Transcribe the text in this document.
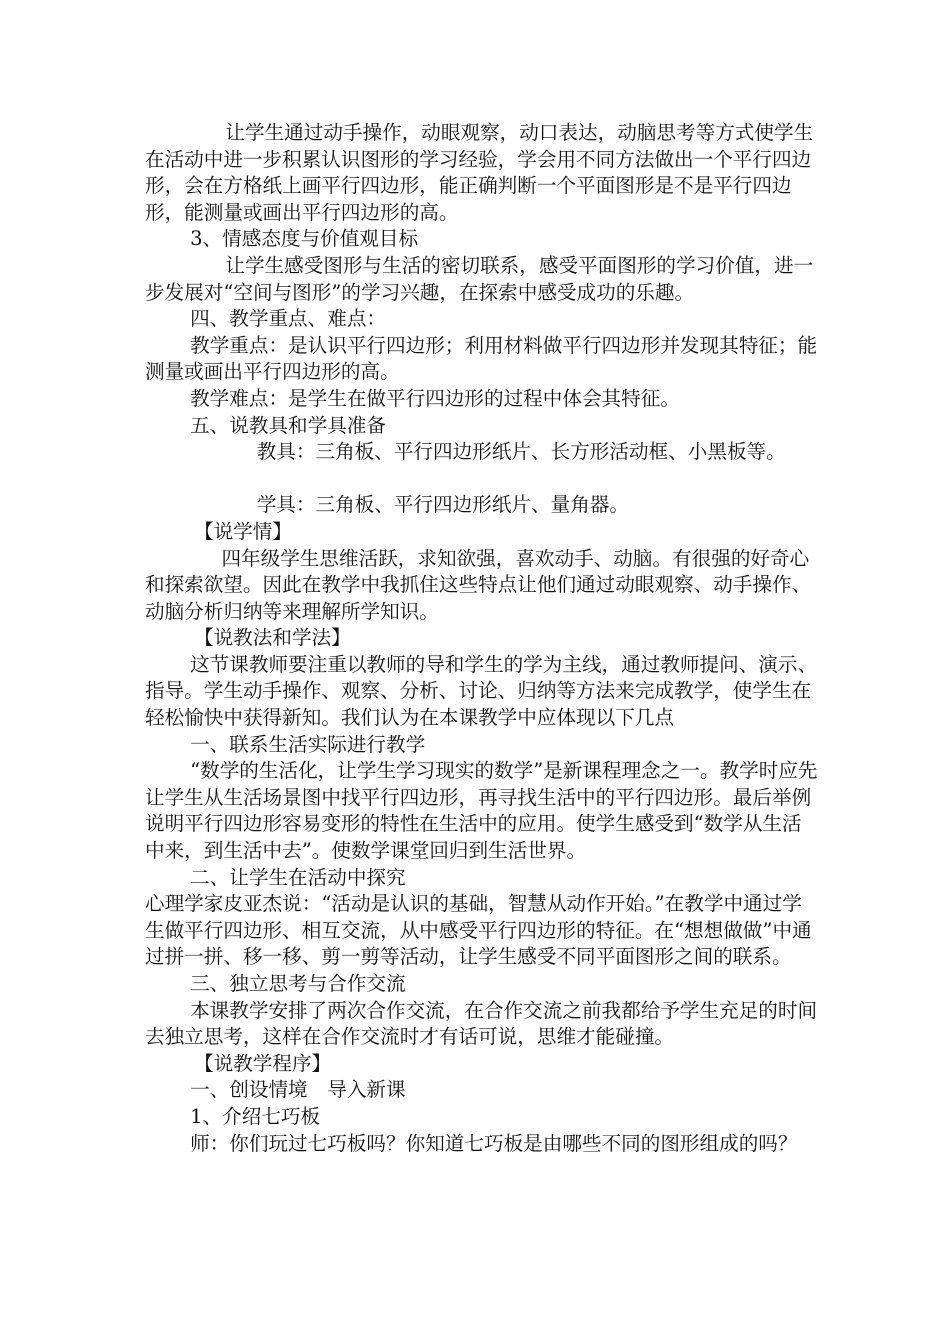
让学生通过动手操作，动眼观察，动口表达，动脑思考等方式使学生在活动中进一步积累认识图形的学习经验，学会用不同方法做出一个平行四边形，会在方格纸上画平行四边形，能正确判断一个平面图形是不是平行四边形，能测量或画出平行四边形的高。

3、情感态度与价值观目标

让学生感受图形与生活的密切联系，感受平面图形的学习价值，进一步发展对“空间与图形”的学习兴趣，在探索中感受成功的乐趣。

四、教学重点、难点：

教学重点：是认识平行四边形；利用材料做平行四边形并发现其特征；能测量或画出平行四边形的高。

教学难点：是学生在做平行四边形的过程中体会其特征。

五、说教具和学具准备

教具：三角板、平行四边形纸片、长方形活动框、小黑板等。

学具：三角板、平行四边形纸片、量角器。

【说学情】

四年级学生思维活跃，求知欲强，喜欢动手、动脑。有很强的好奇心和探索欲望。因此在教学中我抓住这些特点让他们通过动眼观察、动手操作、动脑分析归纳等来理解所学知识。

【说教法和学法】

这节课教师要注重以教师的导和学生的学为主线，通过教师提问、演示、指导。学生动手操作、观察、分析、讨论、归纳等方法来完成教学，使学生在轻松愉快中获得新知。我们认为在本课教学中应体现以下几点

一、联系生活实际进行教学

“数学的生活化，让学生学习现实的数学”是新课程理念之一。教学时应先让学生从生活场景图中找平行四边形，再寻找生活中的平行四边形。最后举例说明平行四边形容易变形的特性在生活中的应用。使学生感受到“数学从生活中来，到生活中去”。使数学课堂回归到生活世界。

二、让学生在活动中探究

心理学家皮亚杰说：“活动是认识的基础，智慧从动作开始。”在教学中通过学生做平行四边形、相互交流，从中感受平行四边形的特征。在“想想做做”中通过拼一拼、移一移、剪一剪等活动，让学生感受不同平面图形之间的联系。

三、独立思考与合作交流

本课教学安排了两次合作交流，在合作交流之前我都给予学生充足的时间去独立思考，这样在合作交流时才有话可说，思维才能碰撞。

【说教学程序】

一、创设情境　导入新课

1、介绍七巧板

师：你们玩过七巧板吗？你知道七巧板是由哪些不同的图形组成的吗？
